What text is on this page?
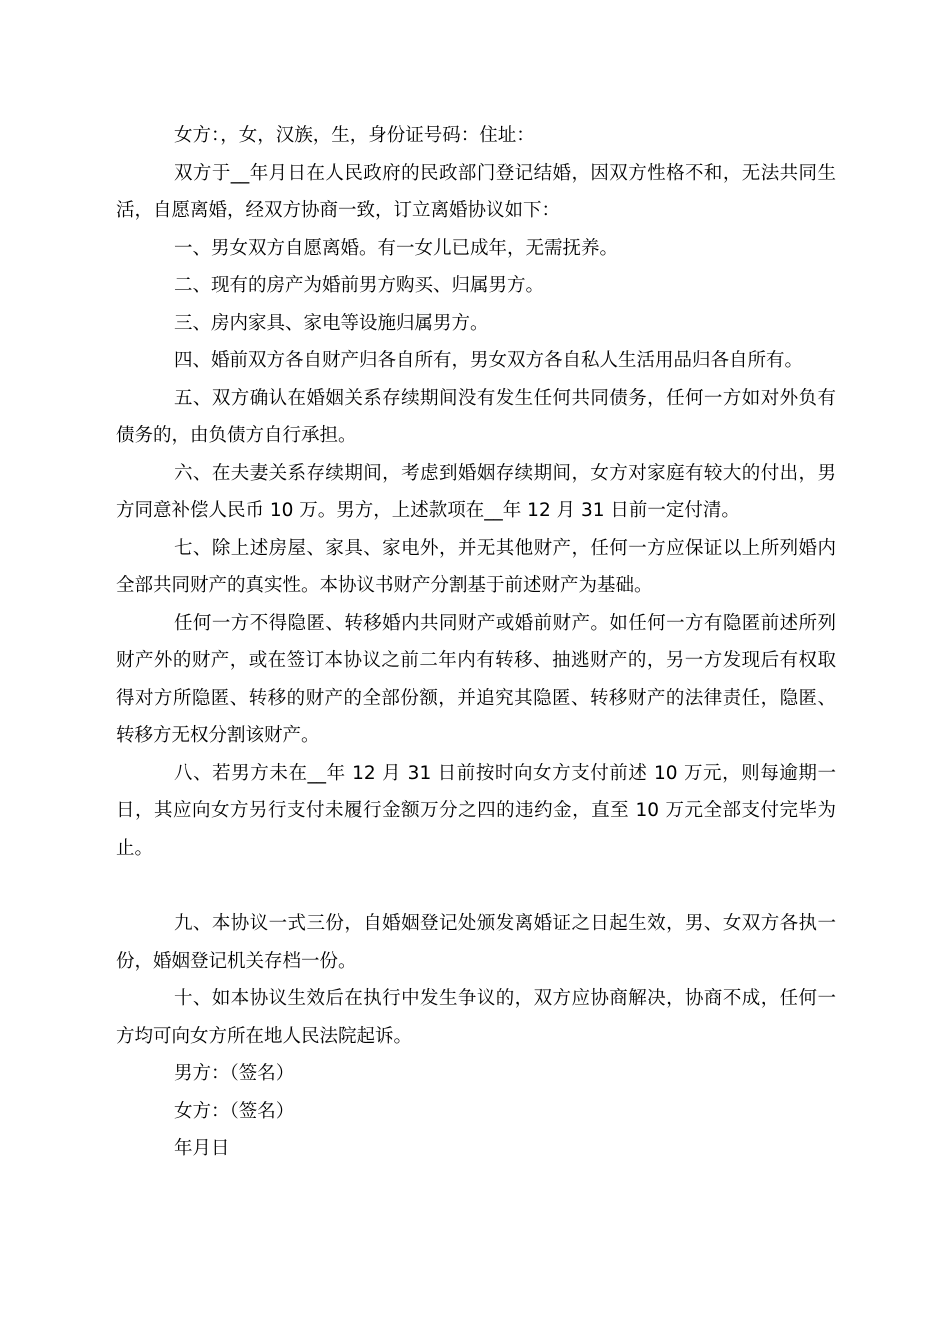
女方：，女，汉族，生，身份证号码：住址：

双方于__年月日在人民政府的民政部门登记结婚，因双方性格不和，无法共同生活，自愿离婚，经双方协商一致，订立离婚协议如下：

一、男女双方自愿离婚。有一女儿已成年，无需抚养。

二、现有的房产为婚前男方购买、归属男方。

三、房内家具、家电等设施归属男方。

四、婚前双方各自财产归各自所有，男女双方各自私人生活用品归各自所有。

五、双方确认在婚姻关系存续期间没有发生任何共同债务，任何一方如对外负有债务的，由负债方自行承担。

六、在夫妻关系存续期间，考虑到婚姻存续期间，女方对家庭有较大的付出，男方同意补偿人民币 10 万。男方，上述款项在__年 12 月 31 日前一定付清。

七、除上述房屋、家具、家电外，并无其他财产，任何一方应保证以上所列婚内全部共同财产的真实性。本协议书财产分割基于前述财产为基础。

任何一方不得隐匿、转移婚内共同财产或婚前财产。如任何一方有隐匿前述所列财产外的财产，或在签订本协议之前二年内有转移、抽逃财产的，另一方发现后有权取得对方所隐匿、转移的财产的全部份额，并追究其隐匿、转移财产的法律责任，隐匿、转移方无权分割该财产。

八、若男方未在__年 12 月 31 日前按时向女方支付前述 10 万元，则每逾期一日，其应向女方另行支付未履行金额万分之四的违约金，直至 10 万元全部支付完毕为止。

九、本协议一式三份，自婚姻登记处颁发离婚证之日起生效，男、女双方各执一份，婚姻登记机关存档一份。

十、如本协议生效后在执行中发生争议的，双方应协商解决，协商不成，任何一方均可向女方所在地人民法院起诉。

男方：（签名）

女方：（签名）

年月日
